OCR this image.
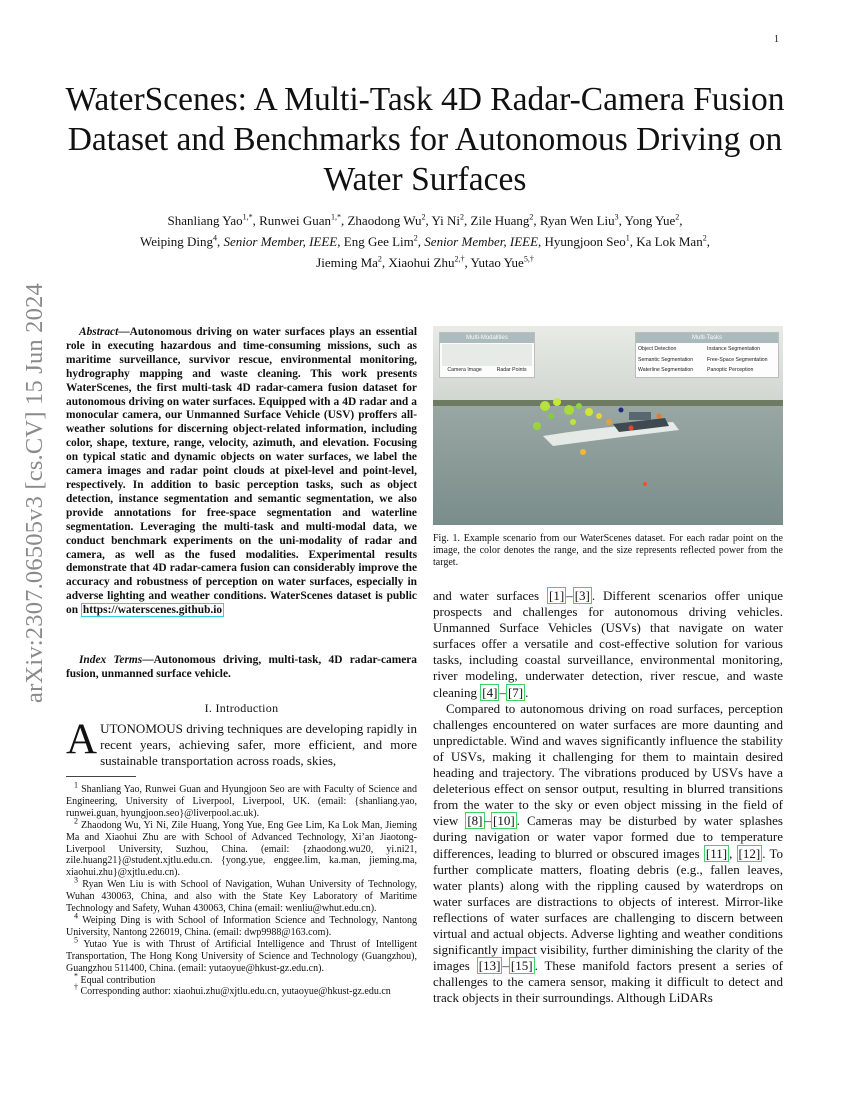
1
arXiv:2307.06505v3 [cs.CV] 15 Jun 2024
WaterScenes: A Multi-Task 4D Radar-Camera Fusion Dataset and Benchmarks for Autonomous Driving on Water Surfaces
Shanliang Yao$^{1,*}$, Runwei Guan$^{1,*}$, Zhaodong Wu$^2$, Yi Ni$^2$, Zile Huang$^2$, Ryan Wen Liu$^3$, Yong Yue$^2$,
Weiping Ding$^4$, Senior Member, IEEE, Eng Gee Lim$^2$, Senior Member, IEEE, Hyungjoon Seo$^1$, Ka Lok Man$^2$,
Jieming Ma$^2$, Xiaohui Zhu$^{2,\dagger}$, Yutao Yue$^{5,\dagger}$
Abstract—Autonomous driving on water surfaces plays an essential role in executing hazardous and time-consuming missions, such as maritime surveillance, survivor rescue, environmental monitoring, hydrography mapping and waste cleaning. This work presents WaterScenes, the first multi-task 4D radar-camera fusion dataset for autonomous driving on water surfaces. Equipped with a 4D radar and a monocular camera, our Unmanned Surface Vehicle (USV) proffers all-weather solutions for discerning object-related information, including color, shape, texture, range, velocity, azimuth, and elevation. Focusing on typical static and dynamic objects on water surfaces, we label the camera images and radar point clouds at pixel-level and point-level, respectively. In addition to basic perception tasks, such as object detection, instance segmentation and semantic segmentation, we also provide annotations for free-space segmentation and waterline segmentation. Leveraging the multi-task and multi-modal data, we conduct benchmark experiments on the uni-modality of radar and camera, as well as the fused modalities. Experimental results demonstrate that 4D radar-camera fusion can considerably improve the accuracy and robustness of perception on water surfaces, especially in adverse lighting and weather conditions. WaterScenes dataset is public on https://waterscenes.github.io
Index Terms—Autonomous driving, multi-task, 4D radar-camera fusion, unmanned surface vehicle.
I. Introduction
AUTONOMOUS driving techniques are developing rapidly in recent years, achieving safer, more efficient, and more sustainable transportation across roads, skies,

$^1$ Shanliang Yao, Runwei Guan and Hyungjoon Seo are with Faculty of Science and Engineering, University of Liverpool, Liverpool, UK. (email: {shanliang.yao, runwei.guan, hyungjoon.seo}@liverpool.ac.uk).

$^2$ Zhaodong Wu, Yi Ni, Zile Huang, Yong Yue, Eng Gee Lim, Ka Lok Man, Jieming Ma and Xiaohui Zhu are with School of Advanced Technology, Xi’an Jiaotong-Liverpool University, Suzhou, China. (email: {zhaodong.wu20, yi.ni21, zile.huang21}@student.xjtlu.edu.cn. {yong.yue, enggee.lim, ka.man, jieming.ma, xiaohui.zhu}@xjtlu.edu.cn).

$^3$ Ryan Wen Liu is with School of Navigation, Wuhan University of Technology, Wuhan 430063, China, and also with the State Key Laboratory of Maritime Technology and Safety, Wuhan 430063, China (email: wenliu@whut.edu.cn).

$^4$ Weiping Ding is with School of Information Science and Technology, Nantong University, Nantong 226019, China. (email: dwp9988@163.com).

$^5$ Yutao Yue is with Thrust of Artificial Intelligence and Thrust of Intelligent Transportation, The Hong Kong University of Science and Technology (Guangzhou), Guangzhou 511400, China. (email: yutaoyue@hkust-gz.edu.cn).

* Equal contribution

† Corresponding author: xiaohui.zhu@xjtlu.edu.cn, yutaoyue@hkust-gz.edu.cn

Multi-Modalities
Camera Image	Radar Points
Multi-Tasks
Object Detection	Instance Segmentation
Semantic Segmentation	Free-Space Segmentation
Waterline Segmentation	Panoptic Perception
Fig. 1. Example scenario from our WaterScenes dataset. For each radar point on the image, the color denotes the range, and the size represents reflected power from the target.

and water surfaces [1] – [3] . Different scenarios offer unique prospects and challenges for autonomous driving vehicles. Unmanned Surface Vehicles (USVs) that navigate on water surfaces offer a versatile and cost-effective solution for various tasks, including coastal surveillance, environmental monitoring, river modeling, underwater detection, river rescue, and waste cleaning [4] – [7] .

Compared to autonomous driving on road surfaces, perception challenges encountered on water surfaces are more daunting and unpredictable. Wind and waves significantly influence the stability of USVs, making it challenging for them to maintain desired heading and trajectory. The vibrations produced by USVs have a deleterious effect on sensor output, resulting in blurred transitions from the water to the sky or even object missing in the field of view [8] – [10] . Cameras may be disturbed by water splashes during navigation or water vapor formed due to temperature differences, leading to blurred or obscured images [11] , [12] . To further complicate matters, floating debris (e.g., fallen leaves, water plants) along with the rippling caused by waterdrops on water surfaces are distractions to objects of interest. Mirror-like reflections of water surfaces are challenging to discern between virtual and actual objects. Adverse lighting and weather conditions significantly impact visibility, further diminishing the clarity of the images [13] – [15] . These manifold factors present a series of challenges to the camera sensor, making it difficult to detect and track objects in their surroundings. Although LiDARs
